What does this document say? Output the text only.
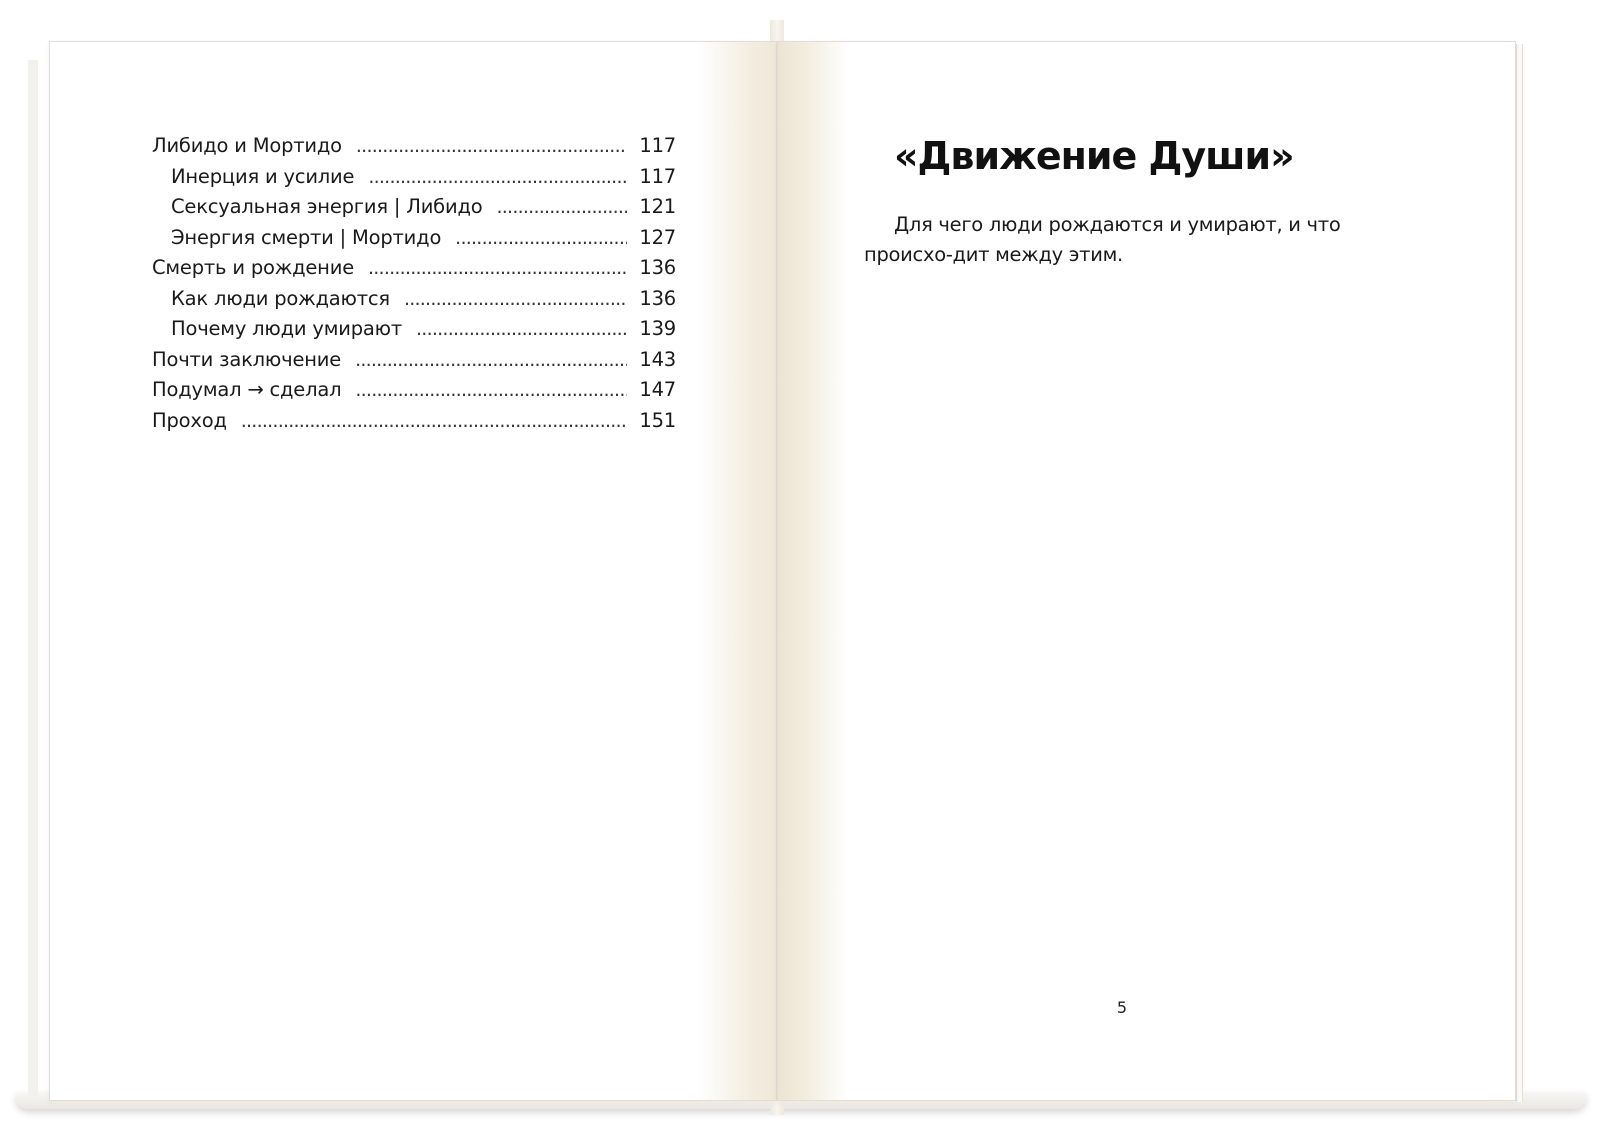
Либидо и Мортидо . . .	117
Инерция и усилие . . .	117
Сексуальная энергия | Либидо . . .	121
Энергия смерти | Мортидо . . .	127
Смерть и рождение . . .	136
Как люди рождаются . . .	136
Почему люди умирают . . .	139
Почти заключение . . .	143
Подумал → сделал . . .	147
Проход . . .	151
«Движение Души»

Для чего люди рождаются и умирают, и что происхо-дит между этим.

5
